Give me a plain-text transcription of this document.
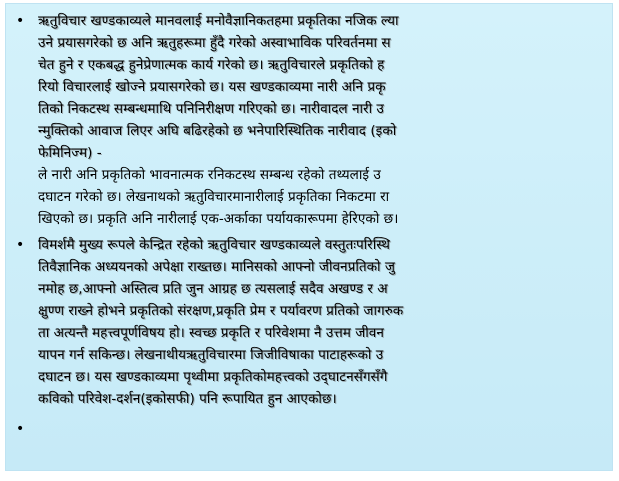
• ऋतुविचार खण्डकाव्यले मानवलाई मनोवैज्ञानिकतहमा प्रकृतिका नजिक ल्या
उने प्रयासगरेको छ अनि ऋतुहरूमा हुँदै गरेको अस्वाभाविक परिवर्तनमा स
चेत हुने र एकबद्ध हुनेप्रेणात्मक कार्य गरेको छ। ऋतुविचारले प्रकृतिको ह
रियो विचारलाई खोज्ने प्रयासगरेको छ। यस खण्डकाव्यमा नारी अनि प्रकृ
तिको निकटस्थ सम्बन्धमाथि पनिनिरीक्षण गरिएको छ। नारीवादल नारी उ
न्मुक्तिको आवाज लिएर अघि बढिरहेको छ भनेपारिस्थितिक नारीवाद (इको
फेमिनिज्म) -
ले नारी अनि प्रकृतिको भावनात्मक रनिकटस्थ सम्बन्ध रहेको तथ्यलाई उ
दघाटन गरेको छ। लेखनाथको ऋतुविचारमानारीलाई प्रकृतिका निकटमा रा
खिएको छ। प्रकृति अनि नारीलाई एक-अर्काका पर्यायकारूपमा हेरिएको छ।
• विमर्शमै मुख्य रूपले केन्द्रित रहेको ऋतुविचार खण्डकाव्यले वस्तुतःपरिस्थि
तिवैज्ञानिक अध्ययनको अपेक्षा राख्तछ। मानिसको आफ्नो जीवनप्रतिको जु
नमोह छ,आफ्नो अस्तित्व प्रति जुन आग्रह छ त्यसलाई सदैव अखण्ड र अ
क्षुण्ण राख्ने होभने प्रकृतिको संरक्षण,प्रकृति प्रेम र पर्यावरण प्रतिको जागरुक
ता अत्यन्तै महत्त्वपूर्णविषय हो। स्वच्छ प्रकृति र परिवेशमा नै उत्तम जीवन
यापन गर्न सकिन्छ। लेखनाथीयऋतुविचारमा जिजीविषाका पाटाहरूको उ
दघाटन छ। यस खण्डकाव्यमा पृथ्वीमा प्रकृतिकोमहत्त्वको उद्‌घाटनसँगसँगै
कविको परिवेश-दर्शन(इकोसफी) पनि रूपायित हुन आएकोछ।
•
